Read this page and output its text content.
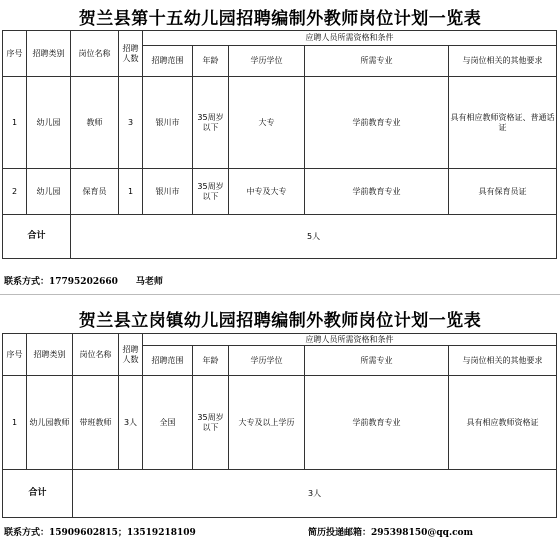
贺兰县第十五幼儿园招聘编制外教师岗位计划一览表
序号	招聘类别	岗位名称	招聘人数	应聘人员所需资格和条件				
				招聘范围	年龄	学历学位	所需专业	与岗位相关的其他要求
1	幼儿园	教师	3	银川市	35周岁以下	大专	学前教育专业	具有相应教师资格证、普通话证
2	幼儿园	保育员	1	银川市	35周岁以下	中专及大专	学前教育专业	具有保育员证
合计		5人						
联系方式：17795202660　　马老师
贺兰县立岗镇幼儿园招聘编制外教师岗位计划一览表
序号	招聘类别	岗位名称	招聘人数	应聘人员所需资格和条件				
				招聘范围	年龄	学历学位	所需专业	与岗位相关的其他要求
1	幼儿园教师	带班教师	3人	全国	35周岁以下	大专及以上学历	学前教育专业	具有相应教师资格证
合计		3人						
联系方式：15909602815；13519218109	简历投递邮箱：295398150@qq.com
